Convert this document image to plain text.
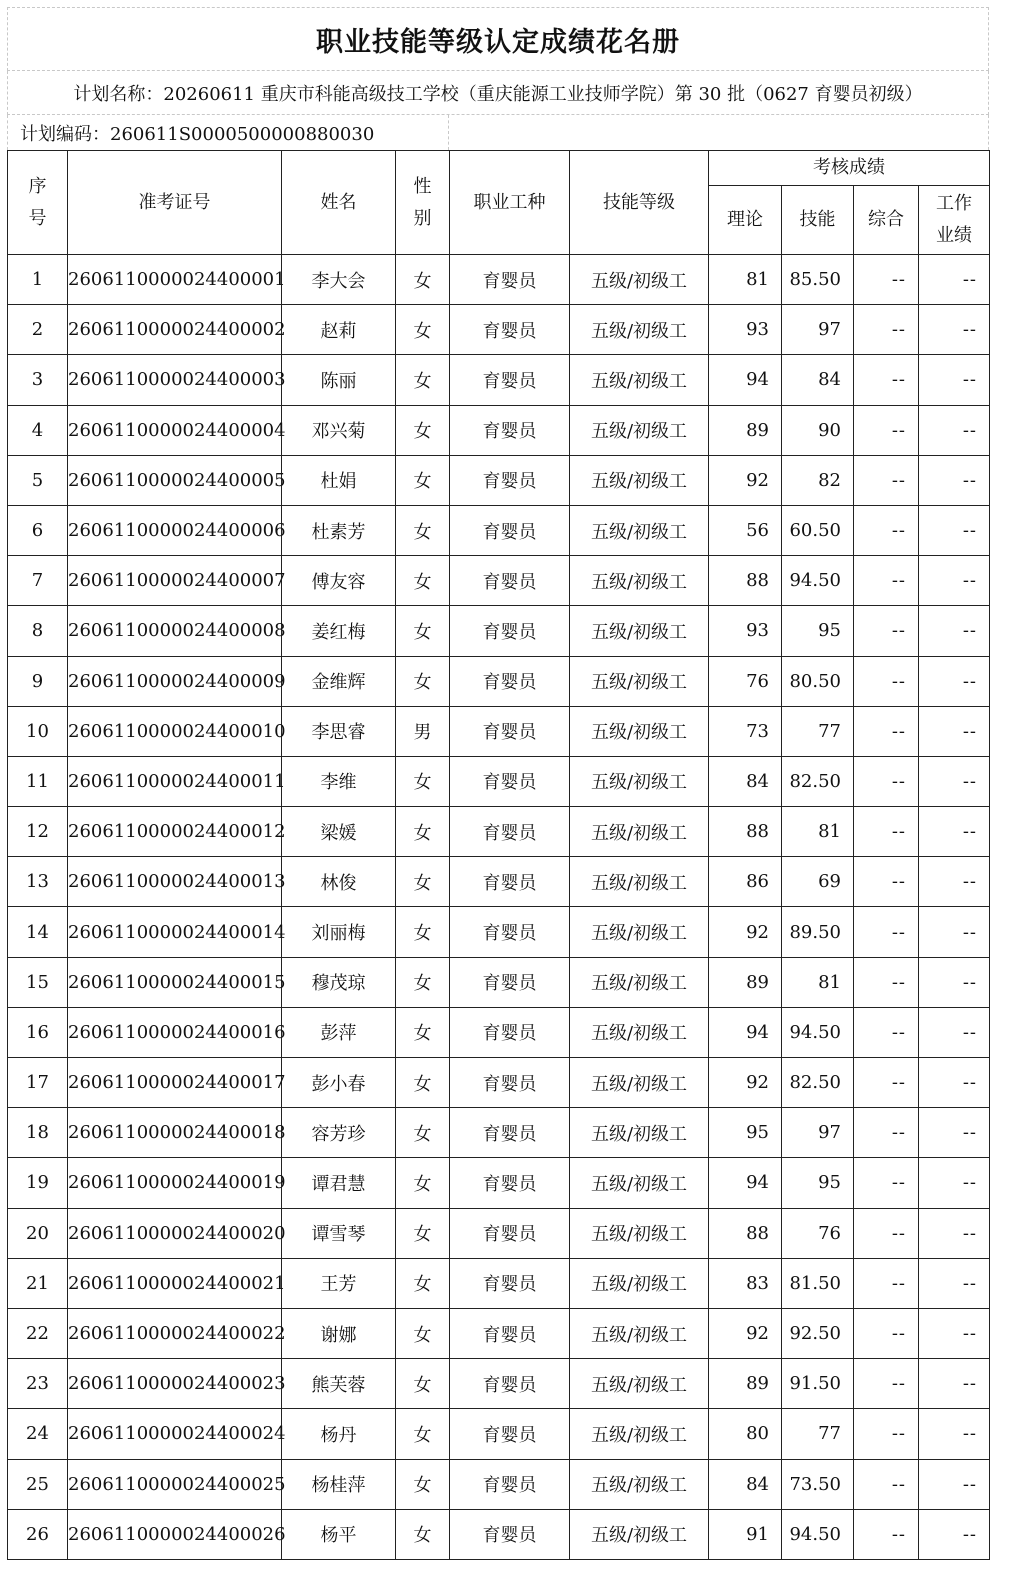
职业技能等级认定成绩花名册
计划名称：20260611 重庆市科能高级技工学校（重庆能源工业技师学院）第 30 批（0627 育婴员初级）
计划编码：260611S0000500000880030
序号	准考证号	姓名	性别	职业工种	技能等级	考核成绩			
						理论	技能	综合	工作业绩

1	2606110000024400001	李大会	女	育婴员	五级/初级工	81	85.50	--	--
2	2606110000024400002	赵莉	女	育婴员	五级/初级工	93	97	--	--
3	2606110000024400003	陈丽	女	育婴员	五级/初级工	94	84	--	--
4	2606110000024400004	邓兴菊	女	育婴员	五级/初级工	89	90	--	--
5	2606110000024400005	杜娟	女	育婴员	五级/初级工	92	82	--	--
6	2606110000024400006	杜素芳	女	育婴员	五级/初级工	56	60.50	--	--
7	2606110000024400007	傅友容	女	育婴员	五级/初级工	88	94.50	--	--
8	2606110000024400008	姜红梅	女	育婴员	五级/初级工	93	95	--	--
9	2606110000024400009	金维辉	女	育婴员	五级/初级工	76	80.50	--	--
10	2606110000024400010	李思睿	男	育婴员	五级/初级工	73	77	--	--
11	2606110000024400011	李维	女	育婴员	五级/初级工	84	82.50	--	--
12	2606110000024400012	梁媛	女	育婴员	五级/初级工	88	81	--	--
13	2606110000024400013	林俊	女	育婴员	五级/初级工	86	69	--	--
14	2606110000024400014	刘丽梅	女	育婴员	五级/初级工	92	89.50	--	--
15	2606110000024400015	穆茂琼	女	育婴员	五级/初级工	89	81	--	--
16	2606110000024400016	彭萍	女	育婴员	五级/初级工	94	94.50	--	--
17	2606110000024400017	彭小春	女	育婴员	五级/初级工	92	82.50	--	--
18	2606110000024400018	容芳珍	女	育婴员	五级/初级工	95	97	--	--
19	2606110000024400019	谭君慧	女	育婴员	五级/初级工	94	95	--	--
20	2606110000024400020	谭雪琴	女	育婴员	五级/初级工	88	76	--	--
21	2606110000024400021	王芳	女	育婴员	五级/初级工	83	81.50	--	--
22	2606110000024400022	谢娜	女	育婴员	五级/初级工	92	92.50	--	--
23	2606110000024400023	熊芙蓉	女	育婴员	五级/初级工	89	91.50	--	--
24	2606110000024400024	杨丹	女	育婴员	五级/初级工	80	77	--	--
25	2606110000024400025	杨桂萍	女	育婴员	五级/初级工	84	73.50	--	--
26	2606110000024400026	杨平	女	育婴员	五级/初级工	91	94.50	--	--
